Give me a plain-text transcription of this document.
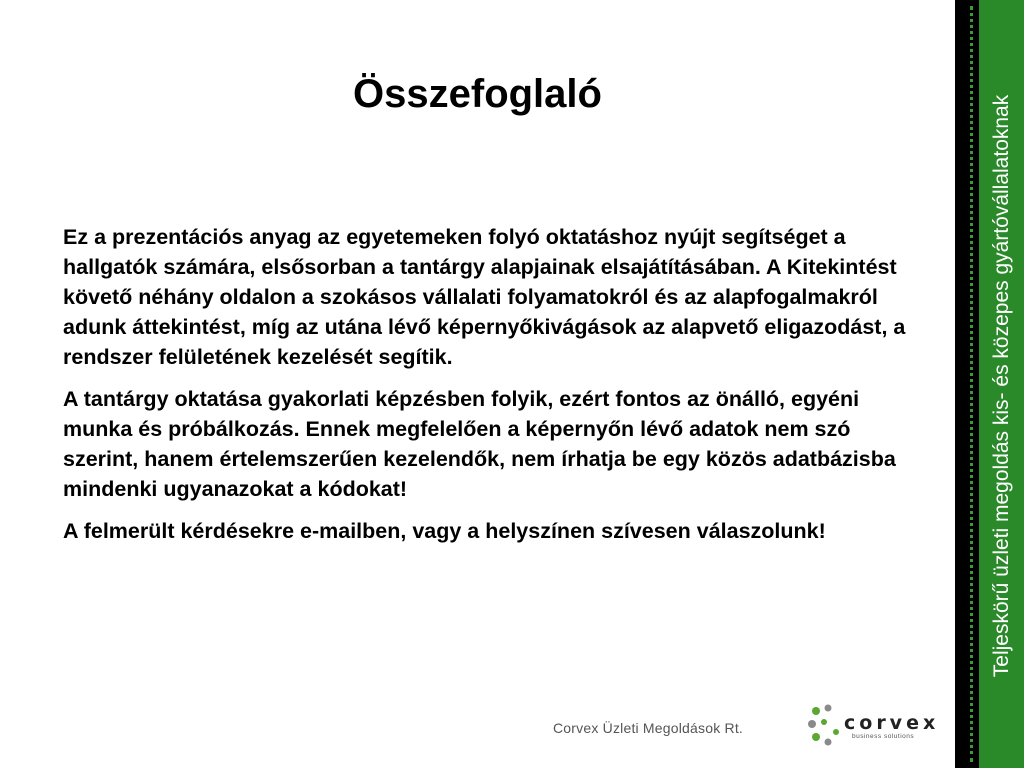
Összefoglaló

Ez a prezentációs anyag az egyetemeken folyó oktatáshoz nyújt segítséget a hallgatók számára, elsősorban a tantárgy alapjainak elsajátításában. A Kitekintést követő néhány oldalon a szokásos vállalati folyamatokról és az alapfogalmakról adunk áttekintést, míg az utána lévő képernyőkivágások az alapvető eligazodást, a rendszer felületének kezelését segítik.

A tantárgy oktatása gyakorlati képzésben folyik, ezért fontos az önálló, egyéni munka és próbálkozás. Ennek megfelelően a képernyőn lévő adatok nem szó szerint, hanem értelemszerűen kezelendők, nem írhatja be egy közös adatbázisba mindenki ugyanazokat a kódokat!

A felmerült kérdésekre e-mailben, vagy a helyszínen szívesen válaszolunk!	Teljeskörű üzleti megoldás kis- és közepes gyártóvállalatoknak
Corvex Üzleti Megoldások Rt.	corvex
business solutions
